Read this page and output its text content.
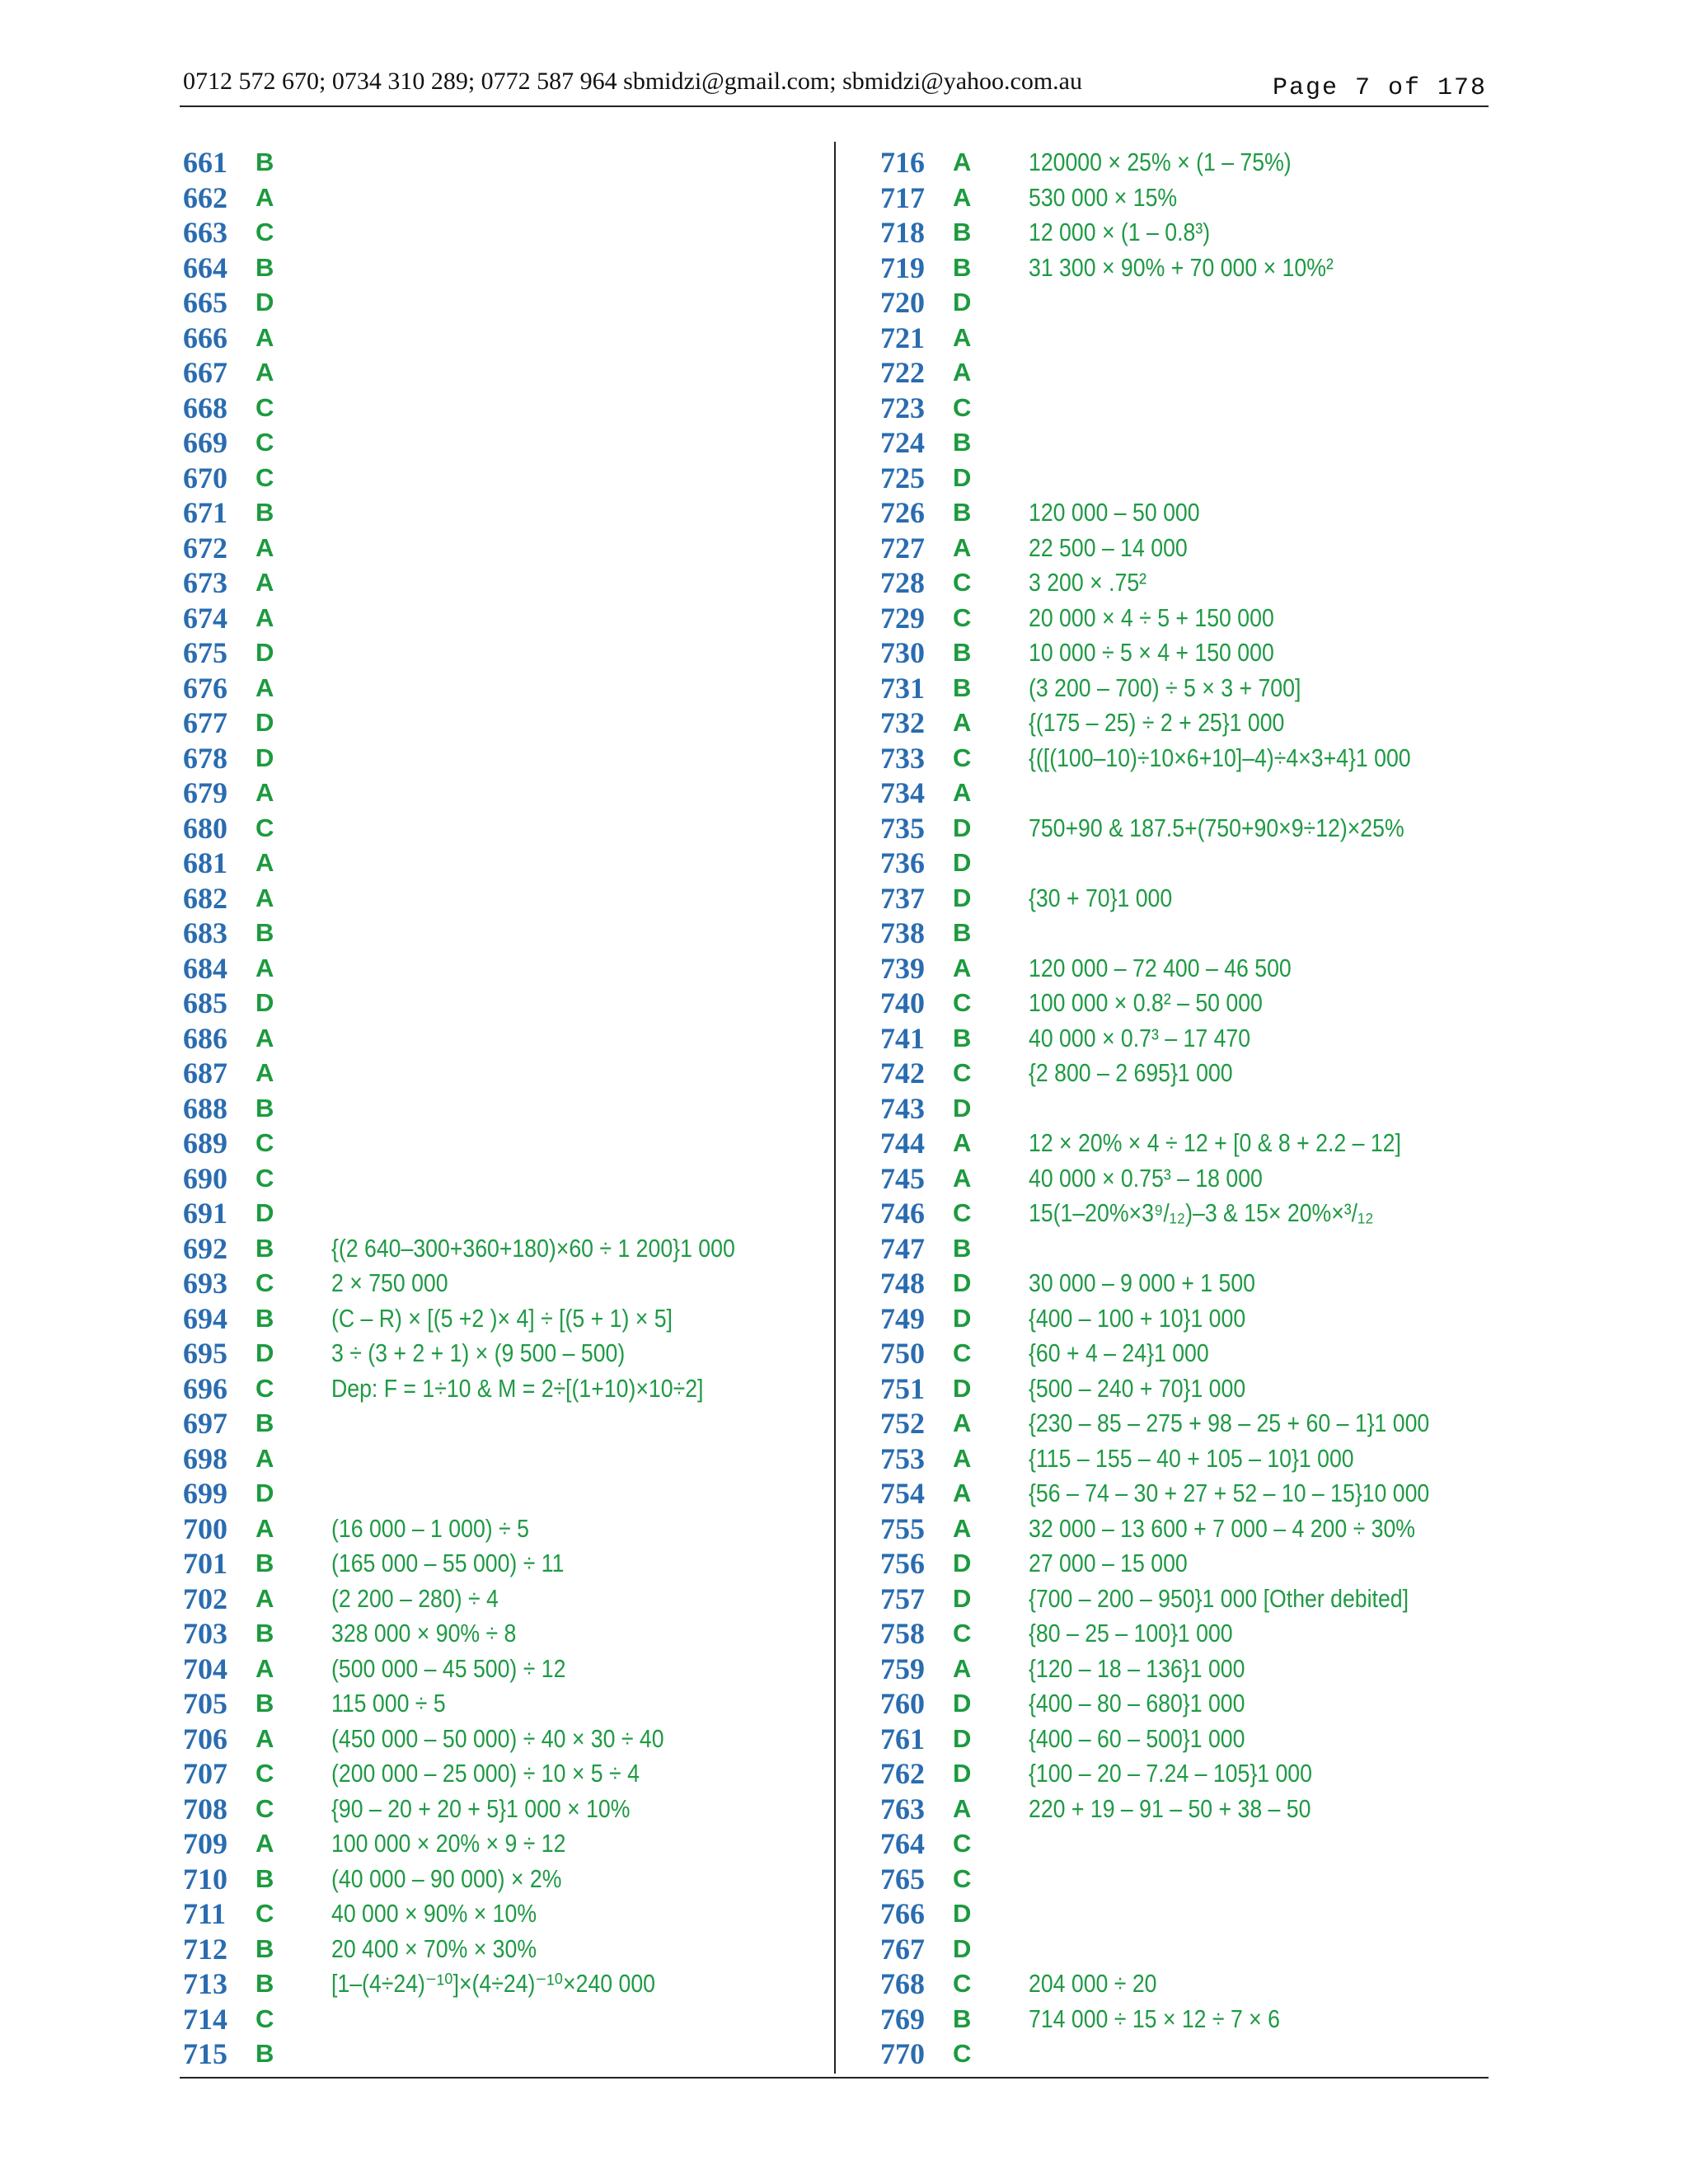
0712 572 670; 0734 310 289; 0772 587 964 sbmidzi@gmail.com; sbmidzi@yahoo.com.au	Page 7 of 178
661 B
662 A
663 C
664 B
665 D
666 A
667 A
668 C
669 C
670 C
671 B
672 A
673 A
674 A
675 D
676 A
677 D
678 D
679 A
680 C
681 A
682 A
683 B
684 A
685 D
686 A
687 A
688 B
689 C
690 C
691 D
692 B {(2 640–300+360+180)×60 ÷ 1 200}1 000
693 C 2 × 750 000
694 B (C – R) × [(5 +2 )× 4] ÷ [(5 + 1) × 5]
695 D 3 ÷ (3 + 2 + 1) × (9 500 – 500)
696 C Dep: F = 1÷10 & M = 2÷[(1+10)×10÷2]
697 B
698 A
699 D
700 A (16 000 – 1 000) ÷ 5
701 B (165 000 – 55 000) ÷ 11
702 A (2 200 – 280) ÷ 4
703 B 328 000 × 90% ÷ 8
704 A (500 000 – 45 500) ÷ 12
705 B 115 000 ÷ 5
706 A (450 000 – 50 000) ÷ 40 × 30 ÷ 40
707 C (200 000 – 25 000) ÷ 10 × 5 ÷ 4
708 C {90 – 20 + 20 + 5}1 000 × 10%
709 A 100 000 × 20% × 9 ÷ 12
710 B (40 000 – 90 000) × 2%
711 C 40 000 × 90% × 10%
712 B 20 400 × 70% × 30%
713 B [1–(4÷24)⁻¹⁰]×(4÷24)⁻¹⁰×240 000
714 C
715 B
716 A 120000 × 25% × (1 – 75%)
717 A 530 000 × 15%
718 B 12 000 × (1 – 0.8³)
719 B 31 300 × 90% + 70 000 × 10%²
720 D
721 A
722 A
723 C
724 B
725 D
726 B 120 000 – 50 000
727 A 22 500 – 14 000
728 C 3 200 × .75²
729 C 20 000 × 4 ÷ 5 + 150 000
730 B 10 000 ÷ 5 × 4 + 150 000
731 B (3 200 – 700) ÷ 5 × 3 + 700]
732 A {(175 – 25) ÷ 2 + 25}1 000
733 C {([(100–10)÷10×6+10]–4)÷4×3+4}1 000
734 A
735 D 750+90 & 187.5+(750+90×9÷12)×25%
736 D
737 D {30 + 70}1 000
738 B
739 A 120 000 – 72 400 – 46 500
740 C 100 000 × 0.8² – 50 000
741 B 40 000 × 0.7³ – 17 470
742 C {2 800 – 2 695}1 000
743 D
744 A 12 × 20% × 4 ÷ 12 + [0 & 8 + 2.2 – 12]
745 A 40 000 × 0.75³ – 18 000
746 C 15(1–20%×3⁹/₁₂)–3 & 15× 20%×³/₁₂
747 B
748 D 30 000 – 9 000 + 1 500
749 D {400 – 100 + 10}1 000
750 C {60 + 4 – 24}1 000
751 D {500 – 240 + 70}1 000
752 A {230 – 85 – 275 + 98 – 25 + 60 – 1}1 000
753 A {115 – 155 – 40 + 105 – 10}1 000
754 A {56 – 74 – 30 + 27 + 52 – 10 – 15}10 000
755 A 32 000 – 13 600 + 7 000 – 4 200 ÷ 30%
756 D 27 000 – 15 000
757 D {700 – 200 – 950}1 000 [Other debited]
758 C {80 – 25 – 100}1 000
759 A {120 – 18 – 136}1 000
760 D {400 – 80 – 680}1 000
761 D {400 – 60 – 500}1 000
762 D {100 – 20 – 7.24 – 105}1 000
763 A 220 + 19 – 91 – 50 + 38 – 50
764 C
765 C
766 D
767 D
768 C 204 000 ÷ 20
769 B 714 000 ÷ 15 × 12 ÷ 7 × 6
770 C
